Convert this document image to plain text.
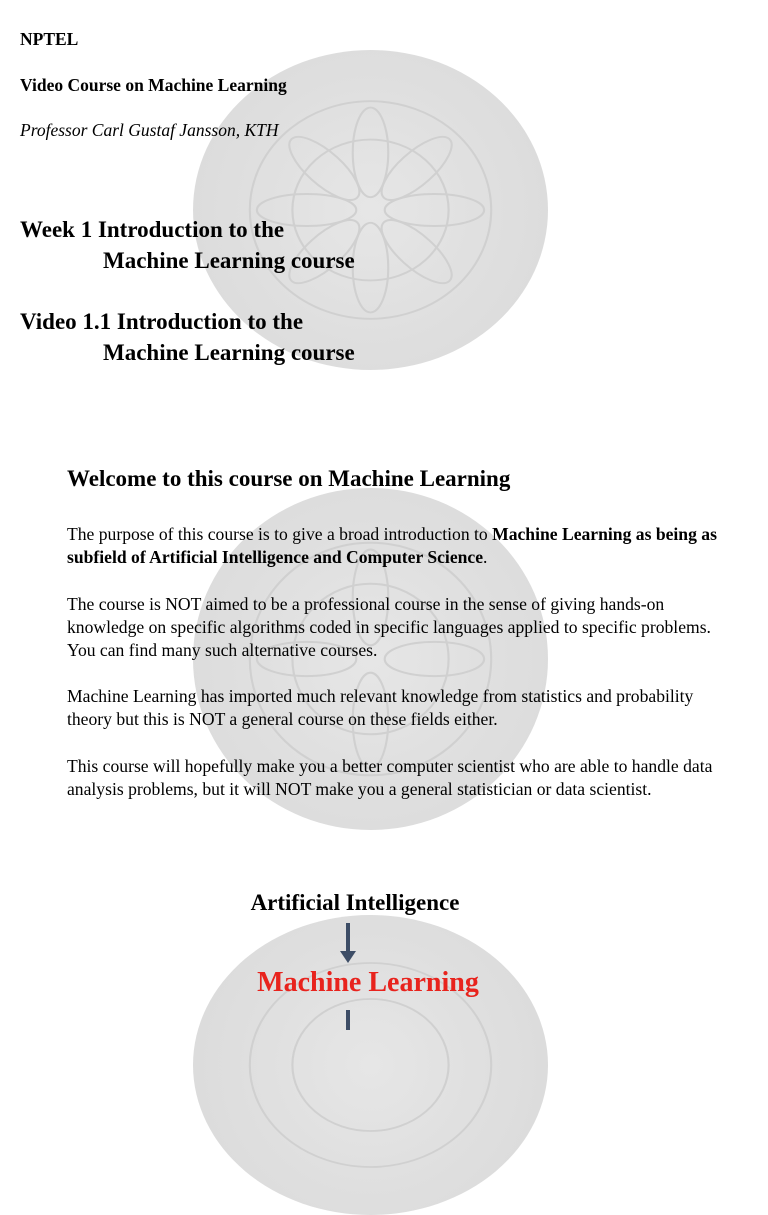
NPTEL
Video Course on Machine Learning
Professor Carl Gustaf Jansson, KTH
Week 1 Introduction to the
Machine Learning course
Video 1.1 Introduction to the
Machine Learning course
Welcome to this course on Machine Learning
The purpose of this course is to give a broad introduction to Machine Learning as being as subfield of Artificial Intelligence and Computer Science.
The course is NOT aimed to be a professional course in the sense of giving hands-on knowledge on specific algorithms coded in specific languages applied to specific problems. You can find many such alternative courses.
Machine Learning has imported much relevant knowledge from statistics and probability theory but this is NOT a general course on these fields either.
This course will hopefully make you a better computer scientist who are able to handle data analysis problems, but it will NOT make you a general statistician or data scientist.
Artificial Intelligence
Machine Learning
